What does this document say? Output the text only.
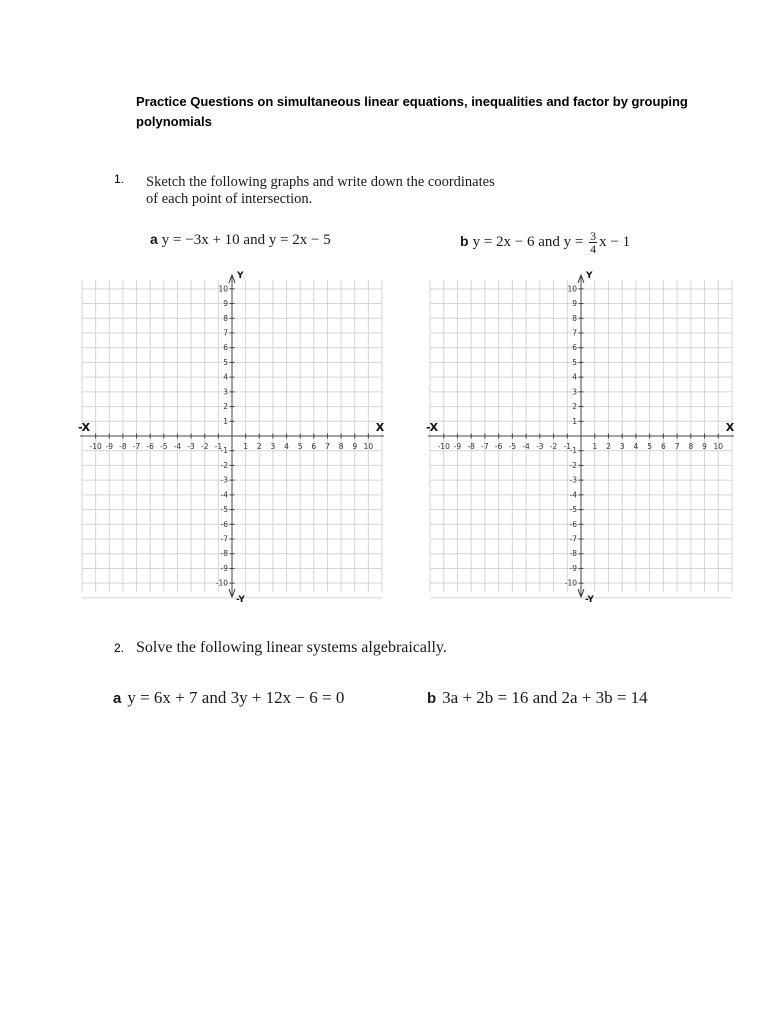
Practice Questions on simultaneous linear equations, inequalities and factor by grouping polynomials

1. Sketch the following graphs and write down the coordinates
of each point of intersection.
a y = −3x + 10 and y = 2x − 5	b y = 2x − 6 and $y = \frac{3}{4}$ x − 1
-10 -9 -8 -7 -6 -5 -4 -3 -2 -1	1 2 3 4 5 6 7 8 9 10
10
9
8
7
6
5
4
3
2
1
-1
-2
-3
-4
-5
-6
-7
-8
-9
-10
X
-X
Y
-Y
-10 -9 -8 -7 -6 -5 -4 -3 -2 -1	1 2 3 4 5 6 7 8 9 10
10
9
8
7
6
5
4
3
2
1
-1
-2
-3
-4
-5
-6
-7
-8
-9
-10
X
-X
Y
-Y
2. Solve the following linear systems algebraically.
a y = 6x + 7 and 3y + 12x − 6 = 0	b 3a + 2b = 16 and 2a + 3b = 14
